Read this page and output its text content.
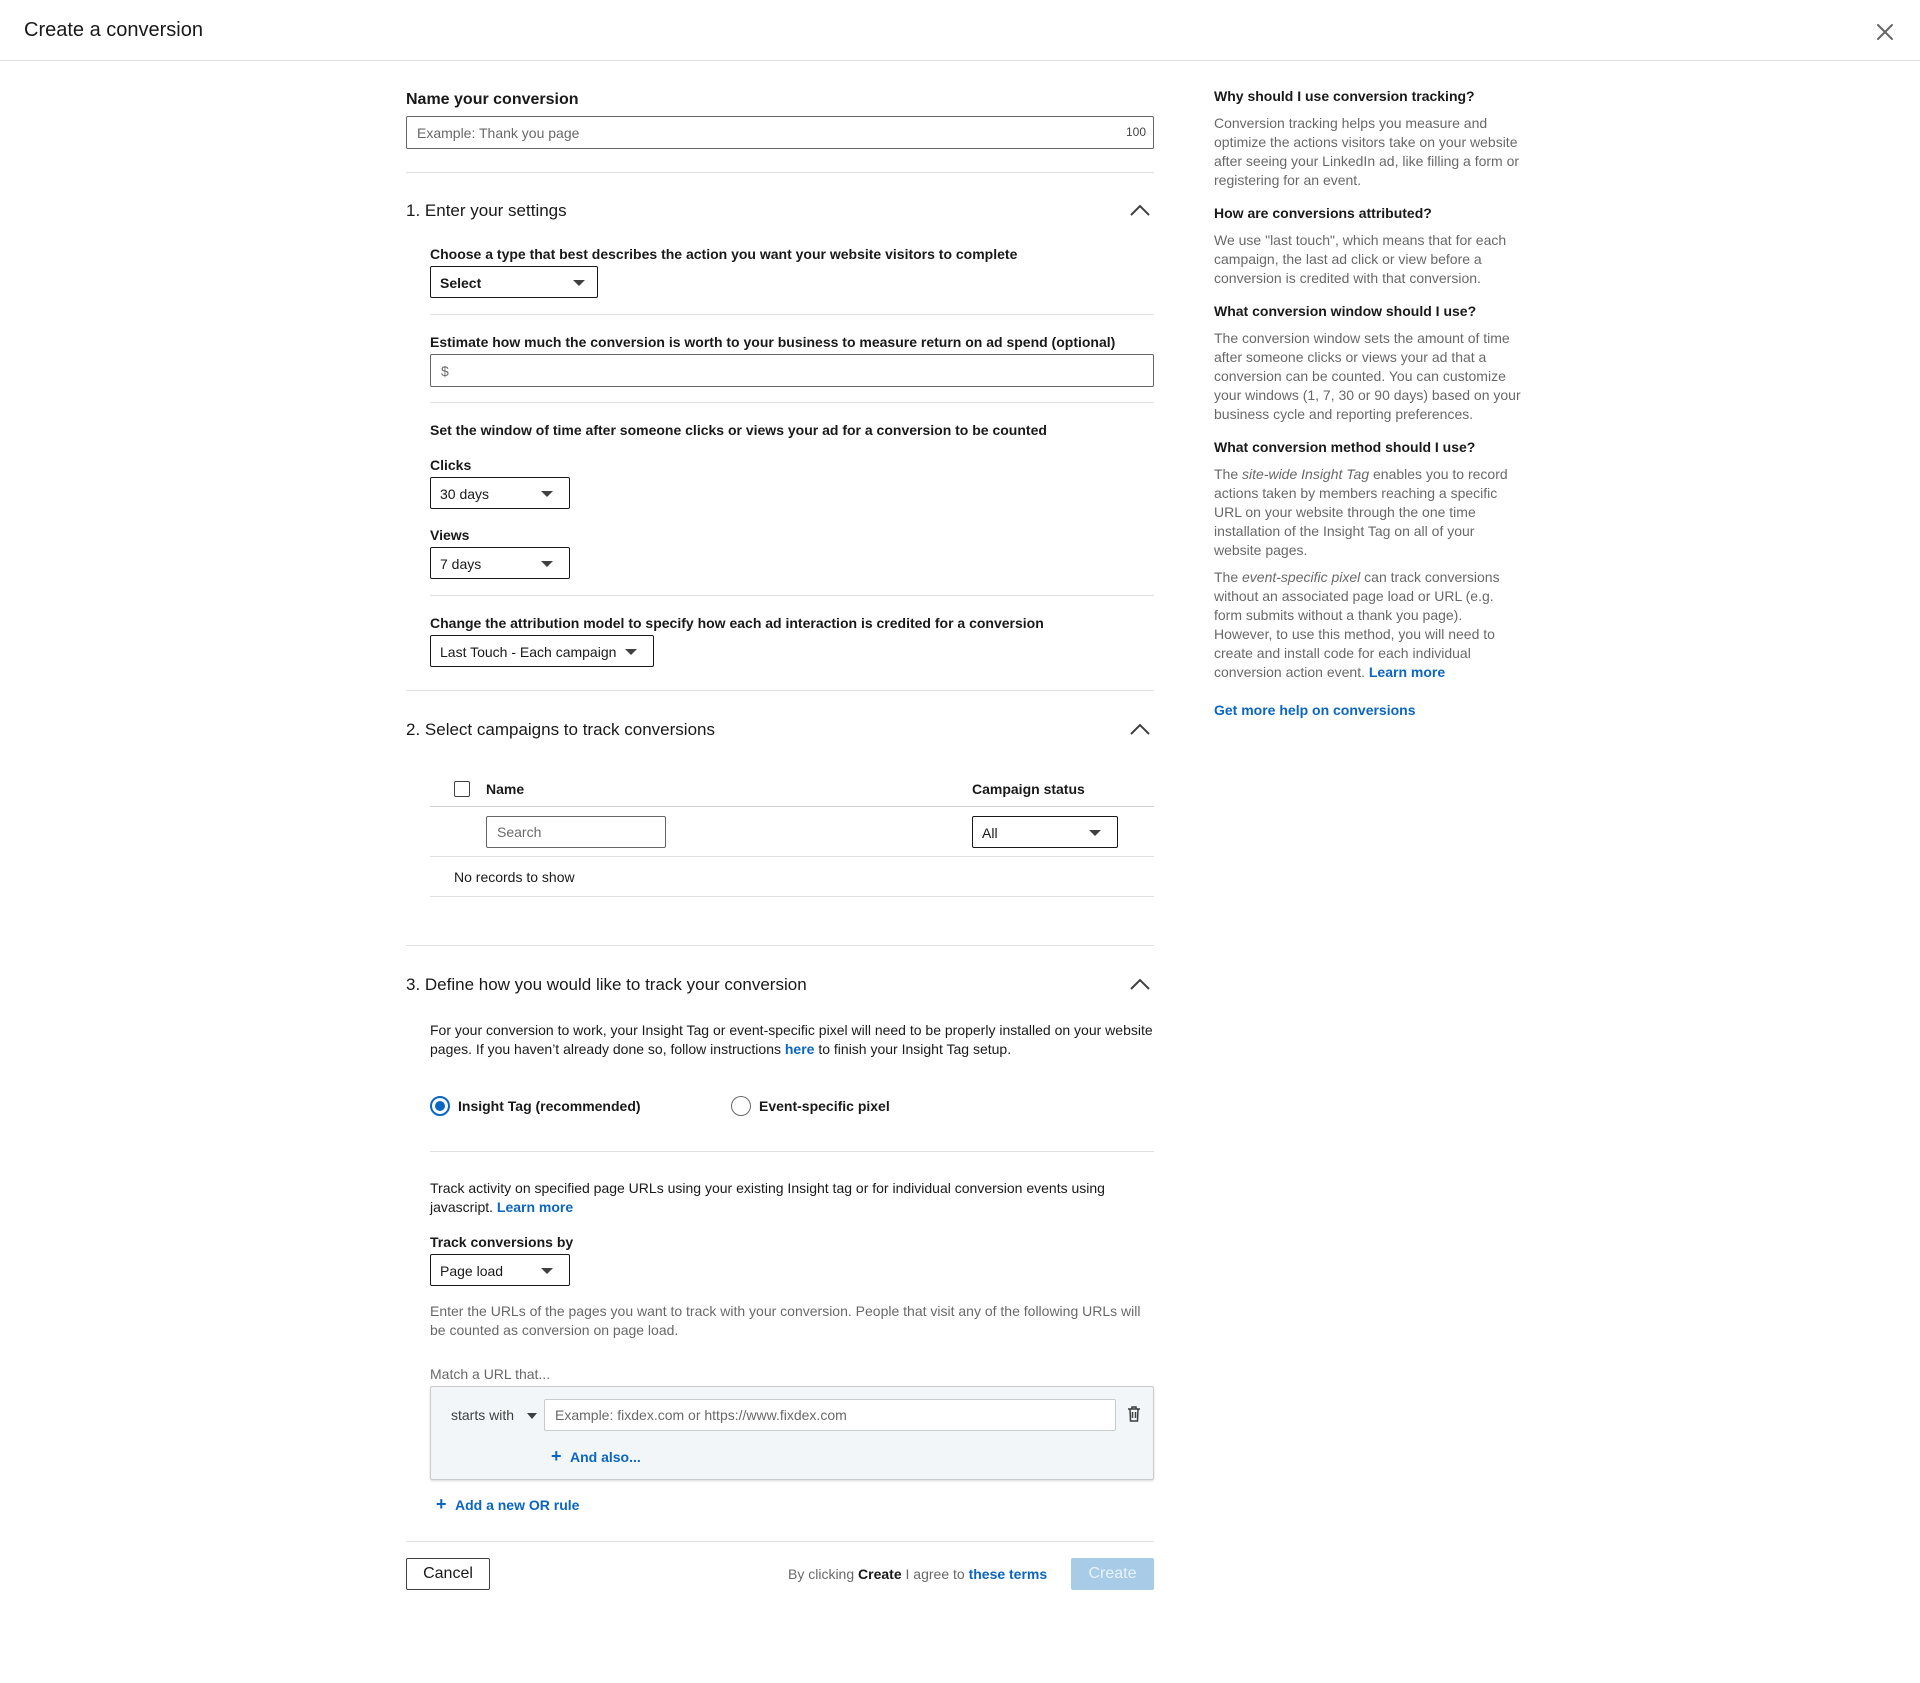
Create a conversion
Name your conversion
Example: Thank you page
100
1. Enter your settings
Choose a type that best describes the action you want your website visitors to complete
Select
Estimate how much the conversion is worth to your business to measure return on ad spend (optional)
$
Set the window of time after someone clicks or views your ad for a conversion to be counted
Clicks
30 days
Views
7 days
Change the attribution model to specify how each ad interaction is credited for a conversion
Last Touch - Each campaign
2. Select campaigns to track conversions
Name	Campaign status
Search
All
No records to show
3. Define how you would like to track your conversion
For your conversion to work, your Insight Tag or event-specific pixel will need to be properly installed on your website pages. If you haven’t already done so, follow instructions here to finish your Insight Tag setup.
Insight Tag (recommended)	Event-specific pixel
Track activity on specified page URLs using your existing Insight tag or for individual conversion events using javascript. Learn more
Track conversions by
Page load
Enter the URLs of the pages you want to track with your conversion. People that visit any of the following URLs will be counted as conversion on page load.
Match a URL that...
starts with
Example: fixdex.com or https://www.fixdex.com
+ And also...
+ Add a new OR rule
Cancel	By clicking Create I agree to these terms	Create
Why should I use conversion tracking?

Conversion tracking helps you measure and optimize the actions visitors take on your website after seeing your LinkedIn ad, like filling a form or registering for an event.

How are conversions attributed?

We use "last touch", which means that for each campaign, the last ad click or view before a conversion is credited with that conversion.

What conversion window should I use?

The conversion window sets the amount of time after someone clicks or views your ad that a conversion can be counted. You can customize your windows (1, 7, 30 or 90 days) based on your business cycle and reporting preferences.

What conversion method should I use?

The site-wide Insight Tag enables you to record actions taken by members reaching a specific URL on your website through the one time installation of the Insight Tag on all of your website pages.

The event-specific pixel can track conversions without an associated page load or URL (e.g. form submits without a thank you page). However, to use this method, you will need to create and install code for each individual conversion action event. Learn more

Get more help on conversions
